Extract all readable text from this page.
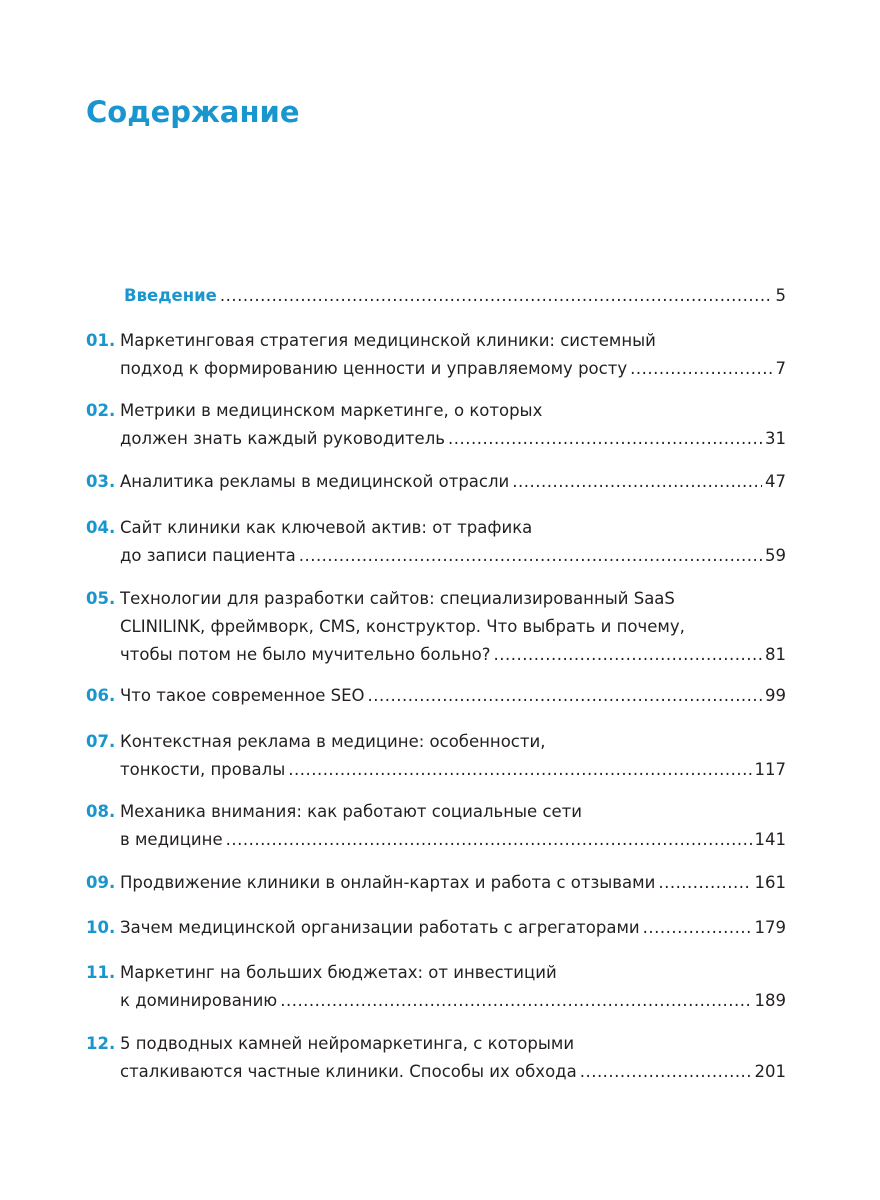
Содержание
Введение .....	5
01. Маркетинговая стратегия медицинской клиники: системный
подход к формированию ценности и управляемому росту .....	7
02. Метрики в медицинском маркетинге, о которых
должен знать каждый руководитель .....	31
03. Аналитика рекламы в медицинской отрасли .....	47
04. Сайт клиники как ключевой актив: от трафика
до записи пациента .....	59
05. Технологии для разработки сайтов: специализированный SaaS
CLINILINK, фреймворк, CMS, конструктор. Что выбрать и почему,
чтобы потом не было мучительно больно? .....	81
06. Что такое современное SEO .....	99
07. Контекстная реклама в медицине: особенности,
тонкости, провалы .....	117
08. Механика внимания: как работают социальные сети
в медицине .....	141
09. Продвижение клиники в онлайн-картах и работа с отзывами .....	161
10. Зачем медицинской организации работать с агрегаторами .....	179
11. Маркетинг на больших бюджетах: от инвестиций
к доминированию .....	189
12. 5 подводных камней нейромаркетинга, с которыми
сталкиваются частные клиники. Способы их обхода .....	201
